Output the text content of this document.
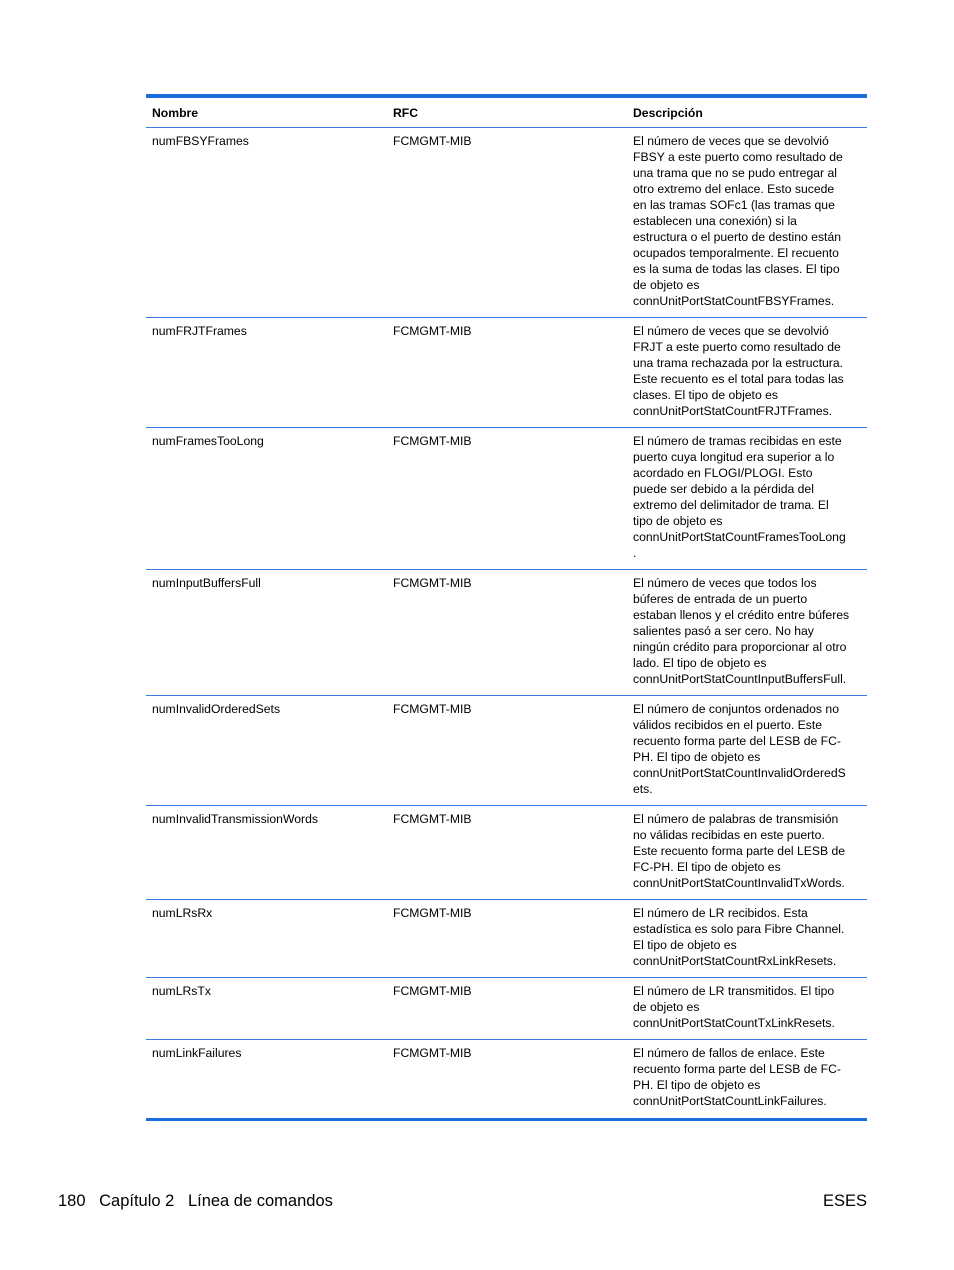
Nombre	RFC	Descripción
numFBSYFrames	FCMGMT-MIB	El número de veces que se devolvió
FBSY a este puerto como resultado de
una trama que no se pudo entregar al
otro extremo del enlace. Esto sucede
en las tramas SOFc1 (las tramas que
establecen una conexión) si la
estructura o el puerto de destino están
ocupados temporalmente. El recuento
es la suma de todas las clases. El tipo
de objeto es
connUnitPortStatCountFBSYFrames.
numFRJTFrames	FCMGMT-MIB	El número de veces que se devolvió
FRJT a este puerto como resultado de
una trama rechazada por la estructura.
Este recuento es el total para todas las
clases. El tipo de objeto es
connUnitPortStatCountFRJTFrames.
numFramesTooLong	FCMGMT-MIB	El número de tramas recibidas en este
puerto cuya longitud era superior a lo
acordado en FLOGI/PLOGI. Esto
puede ser debido a la pérdida del
extremo del delimitador de trama. El
tipo de objeto es
connUnitPortStatCountFramesTooLong
.
numInputBuffersFull	FCMGMT-MIB	El número de veces que todos los
búferes de entrada de un puerto
estaban llenos y el crédito entre búferes
salientes pasó a ser cero. No hay
ningún crédito para proporcionar al otro
lado. El tipo de objeto es
connUnitPortStatCountInputBuffersFull.
numInvalidOrderedSets	FCMGMT-MIB	El número de conjuntos ordenados no
válidos recibidos en el puerto. Este
recuento forma parte del LESB de FC-
PH. El tipo de objeto es
connUnitPortStatCountInvalidOrderedS
ets.
numInvalidTransmissionWords	FCMGMT-MIB	El número de palabras de transmisión
no válidas recibidas en este puerto.
Este recuento forma parte del LESB de
FC-PH. El tipo de objeto es
connUnitPortStatCountInvalidTxWords.
numLRsRx	FCMGMT-MIB	El número de LR recibidos. Esta
estadística es solo para Fibre Channel.
El tipo de objeto es
connUnitPortStatCountRxLinkResets.
numLRsTx	FCMGMT-MIB	El número de LR transmitidos. El tipo
de objeto es
connUnitPortStatCountTxLinkResets.
numLinkFailures	FCMGMT-MIB	El número de fallos de enlace. Este
recuento forma parte del LESB de FC-
PH. El tipo de objeto es
connUnitPortStatCountLinkFailures.
180 Capítulo 2 Línea de comandos	ESES
